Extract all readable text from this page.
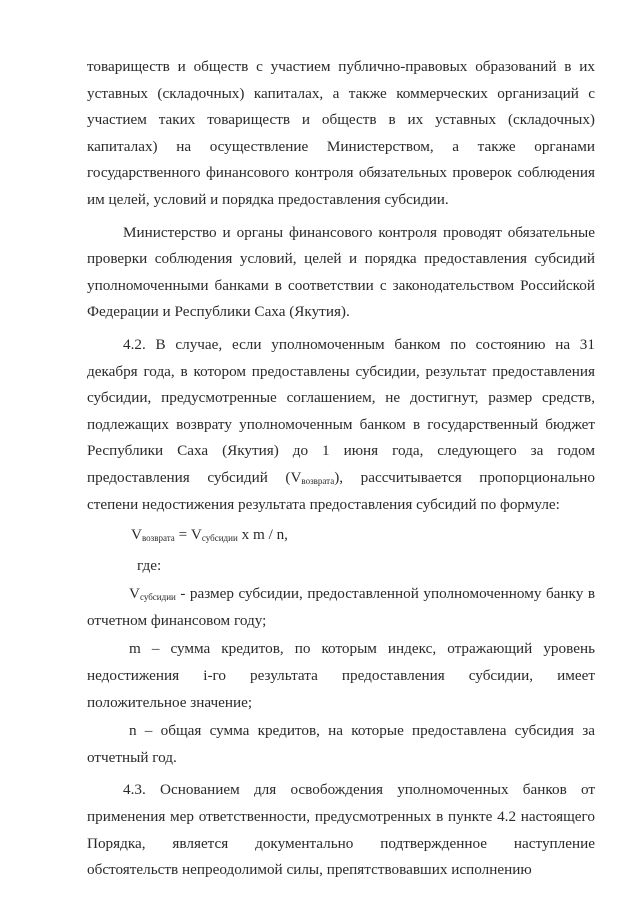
товариществ и обществ с участием публично-правовых образований в их уставных (складочных) капиталах, а также коммерческих организаций с участием таких товариществ и обществ в их уставных (складочных) капиталах) на осуществление Министерством, а также органами государственного финансового контроля обязательных проверок соблюдения им целей, условий и порядка предоставления субсидии.

Министерство и органы финансового контроля проводят обязательные проверки соблюдения условий, целей и порядка предоставления субсидий уполномоченными банками в соответствии с законодательством Российской Федерации и Республики Саха (Якутия).

4.2. В случае, если уполномоченным банком по состоянию на 31 декабря года, в котором предоставлены субсидии, результат предоставления субсидии, предусмотренные соглашением, не достигнут, размер средств, подлежащих возврату уполномоченным банком в государственный бюджет Республики Саха (Якутия) до 1 июня года, следующего за годом предоставления субсидий $(V_{возврата})$, рассчитывается пропорционально степени недостижения результата предоставления субсидий по формуле:

$V_{возврата} = V_{субсидии}$ x m / n,

где:

$V_{субсидии}$ - размер субсидии, предоставленной уполномоченному банку в отчетном финансовом году;

m – сумма кредитов, по которым индекс, отражающий уровень недостижения i-го результата предоставления субсидии, имеет положительное значение;

n – общая сумма кредитов, на которые предоставлена субсидия за отчетный год.

4.3. Основанием для освобождения уполномоченных банков от применения мер ответственности, предусмотренных в пункте 4.2 настоящего Порядка, является документально подтвержденное наступление обстоятельств непреодолимой силы, препятствовавших исполнению
